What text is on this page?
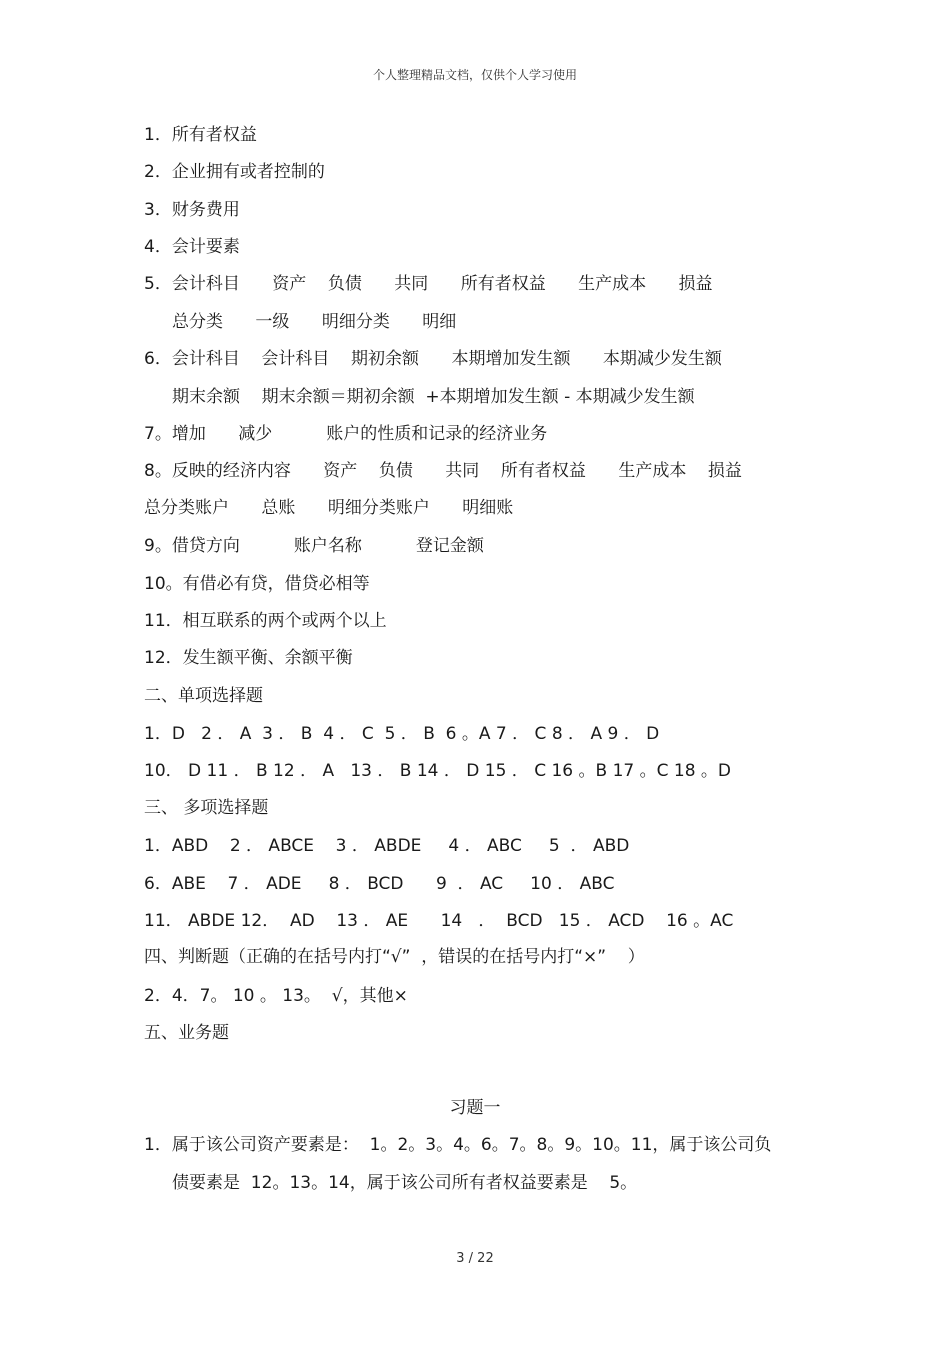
个人整理精品文档，仅供个人学习使用
1．所有者权益
2．企业拥有或者控制的
3．财务费用
4．会计要素
5．会计科目      资产    负债      共同      所有者权益      生产成本      损益
总分类      一级      明细分类      明细
6．会计科目    会计科目    期初余额      本期增加发生额      本期减少发生额
期末余额    期末余额＝期初余额  +本期增加发生额 - 本期减少发生额
7。增加      减少          账户的性质和记录的经济业务
8。反映的经济内容      资产    负债      共同    所有者权益      生产成本    损益
总分类账户      总账      明细分类账户      明细账
9。借贷方向          账户名称          登记金额
10。有借必有贷，借贷必相等
11．相互联系的两个或两个以上
12．发生额平衡、余额平衡
二、单项选择题
1．D   2 ． A  3 ． B  4 ． C  5 ． B  6 。A 7 ． C 8 ． A 9 ． D
10． D 11 ． B 12 ． A   13 ． B 14 ． D 15 ． C 16 。B 17 。C 18 。D
三、 多项选择题
1．ABD    2 ． ABCE    3 ． ABDE     4 ． ABC     5  ． ABD
6．ABE    7 ． ADE     8 ． BCD      9  ． AC     10 ． ABC
11． ABDE 12．  AD    13 ． AE      14   ．  BCD   15 ． ACD    16 。AC
四、判断题（正确的在括号内打“√”  ，错误的在括号内打“×”    ）
2．4．7。 10 。 13。  √，其他×
五、业务题
习题一
1．属于该公司资产要素是：  1。2。3。4。6。7。8。9。10。11，属于该公司负
债要素是  12。13。14，属于该公司所有者权益要素是    5。
3 / 22
